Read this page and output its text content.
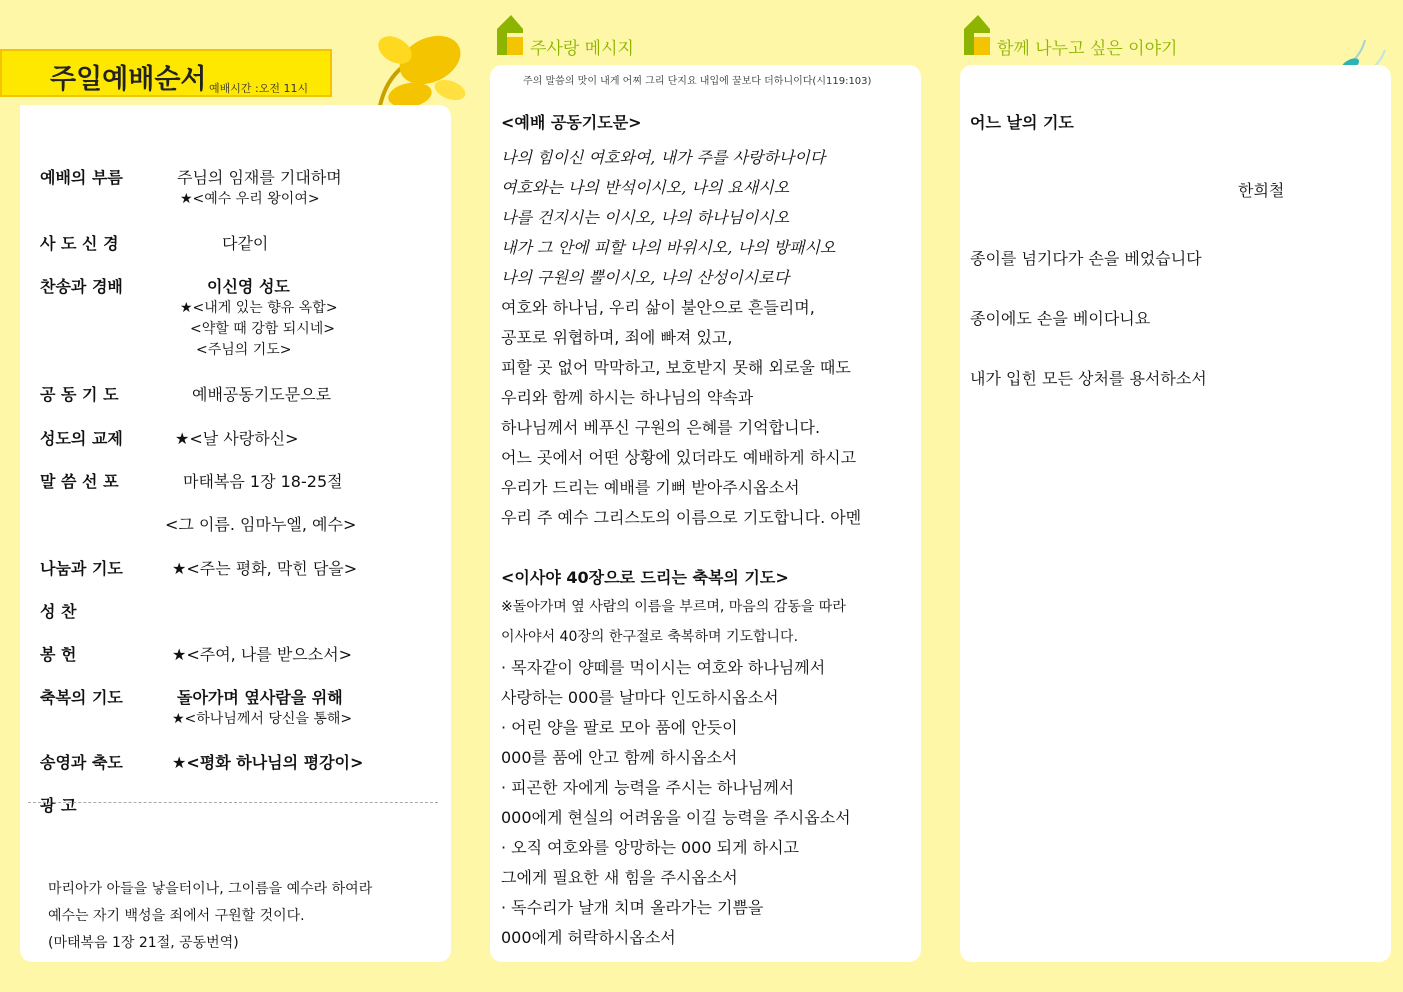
주일예배순서 예배시간 :오전 11시
주사랑 메시지
주의 말씀의 맛이 내게 어찌 그리 단지요 내입에 꿀보다 더하니이다(시119:103)
함께 나누고 싶은 이야기
예배의 부름	주님의 임재를 기대하며
★<예수 우리 왕이여>
사 도 신 경	다같이
찬송과 경배	이신영 성도
★<내게 있는 향유 옥합>
<약할 때 강함 되시네>
<주님의 기도>
공 동 기 도	예배공동기도문으로
성도의 교제	★<날 사랑하신>
말 씀 선 포	마태복음 1장 18-25절
<그 이름. 임마누엘, 예수>
나눔과 기도	★<주는 평화, 막힌 담을>
성 찬
봉 헌	★<주여, 나를 받으소서>
축복의 기도	돌아가며 옆사람을 위해
★<하나님께서 당신을 통해>
송영과 축도	★<평화 하나님의 평강이>
광 고
마리아가 아들을 낳을터이나, 그이름을 예수라 하여라
예수는 자기 백성을 죄에서 구원할 것이다.
(마태복음 1장 21절, 공동번역)
<예배 공동기도문>
나의 힘이신 여호와여, 내가 주를 사랑하나이다
여호와는 나의 반석이시오, 나의 요새시오
나를 건지시는 이시오, 나의 하나님이시오
내가 그 안에 피할 나의 바위시오, 나의 방패시오
나의 구원의 뿔이시오, 나의 산성이시로다
여호와 하나님, 우리 삶이 불안으로 흔들리며,
공포로 위협하며, 죄에 빠져 있고,
피할 곳 없어 막막하고, 보호받지 못해 외로울 때도
우리와 함께 하시는 하나님의 약속과
하나님께서 베푸신 구원의 은혜를 기억합니다.
어느 곳에서 어떤 상황에 있더라도 예배하게 하시고
우리가 드리는 예배를 기뻐 받아주시옵소서
우리 주 예수 그리스도의 이름으로 기도합니다. 아멘
<이사야 40장으로 드리는 축복의 기도>
※돌아가며 옆 사람의 이름을 부르며, 마음의 감동을 따라
이사야서 40장의 한구절로 축복하며 기도합니다.
· 목자같이 양떼를 먹이시는 여호와 하나님께서
사랑하는 000를 날마다 인도하시옵소서
· 어린 양을 팔로 모아 품에 안듯이
000를 품에 안고 함께 하시옵소서
· 피곤한 자에게 능력을 주시는 하나님께서
000에게 현실의 어려움을 이길 능력을 주시옵소서
· 오직 여호와를 앙망하는 000 되게 하시고
그에게 필요한 새 힘을 주시옵소서
· 독수리가 날개 치며 올라가는 기쁨을
000에게 허락하시옵소서
어느 날의 기도
한희철
종이를 넘기다가 손을 베었습니다
종이에도 손을 베이다니요
내가 입힌 모든 상처를 용서하소서
